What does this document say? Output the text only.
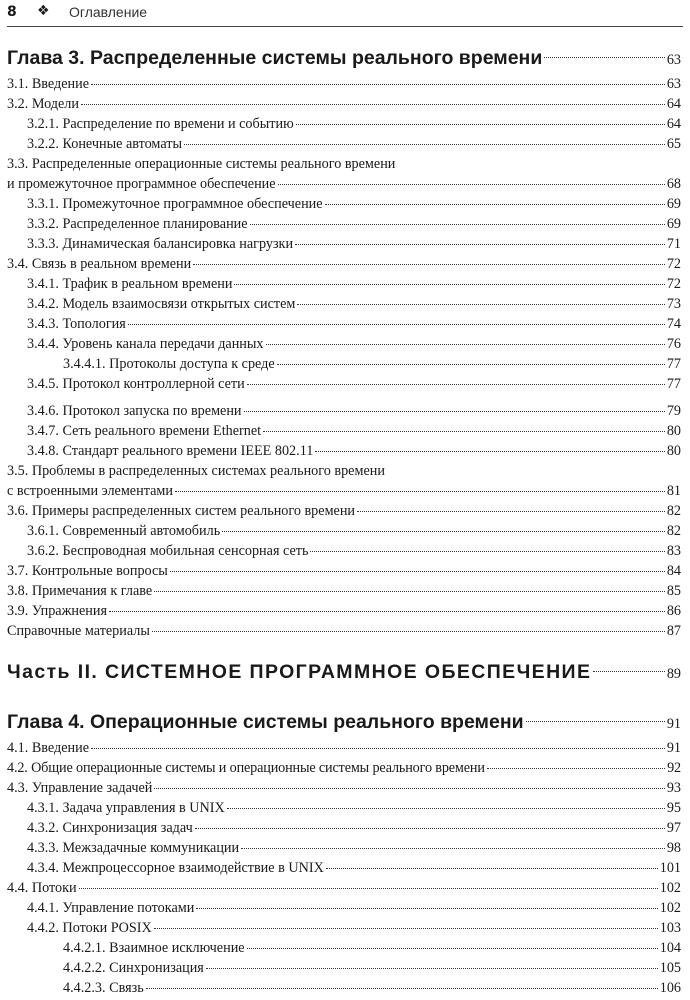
8 ❖ Оглавление
Глава 3. Распределенные системы реального времени	63
3.1. Введение	63
3.2. Модели	64
3.2.1. Распределение по времени и событию	64
3.2.2. Конечные автоматы	65
3.3. Распределенные операционные системы реального времени
и промежуточное программное обеспечение	68
3.3.1. Промежуточное программное обеспечение	69
3.3.2. Распределенное планирование	69
3.3.3. Динамическая балансировка нагрузки	71
3.4. Связь в реальном времени	72
3.4.1. Трафик в реальном времени	72
3.4.2. Модель взаимосвязи открытых систем	73
3.4.3. Топология	74
3.4.4. Уровень канала передачи данных	76
3.4.4.1. Протоколы доступа к среде	77
3.4.5. Протокол контроллерной сети	77
3.4.6. Протокол запуска по времени	79
3.4.7. Сеть реального времени Ethernet	80
3.4.8. Стандарт реального времени IEEE 802.11	80
3.5. Проблемы в распределенных системах реального времени
с встроенными элементами	81
3.6. Примеры распределенных систем реального времени	82
3.6.1. Современный автомобиль	82
3.6.2. Беспроводная мобильная сенсорная сеть	83
3.7. Контрольные вопросы	84
3.8. Примечания к главе	85
3.9. Упражнения	86
Справочные материалы	87
Часть II. СИСТЕМНОЕ ПРОГРАММНОЕ ОБЕСПЕЧЕНИЕ	89
Глава 4. Операционные системы реального времени	91
4.1. Введение	91
4.2. Общие операционные системы и операционные системы реального времени	92
4.3. Управление задачей	93
4.3.1. Задача управления в UNIX	95
4.3.2. Синхронизация задач	97
4.3.3. Межзадачные коммуникации	98
4.3.4. Межпроцессорное взаимодействие в UNIX	101
4.4. Потоки	102
4.4.1. Управление потоками	102
4.4.2. Потоки POSIX	103
4.4.2.1. Взаимное исключение	104
4.4.2.2. Синхронизация	105
4.4.2.3. Связь	106
